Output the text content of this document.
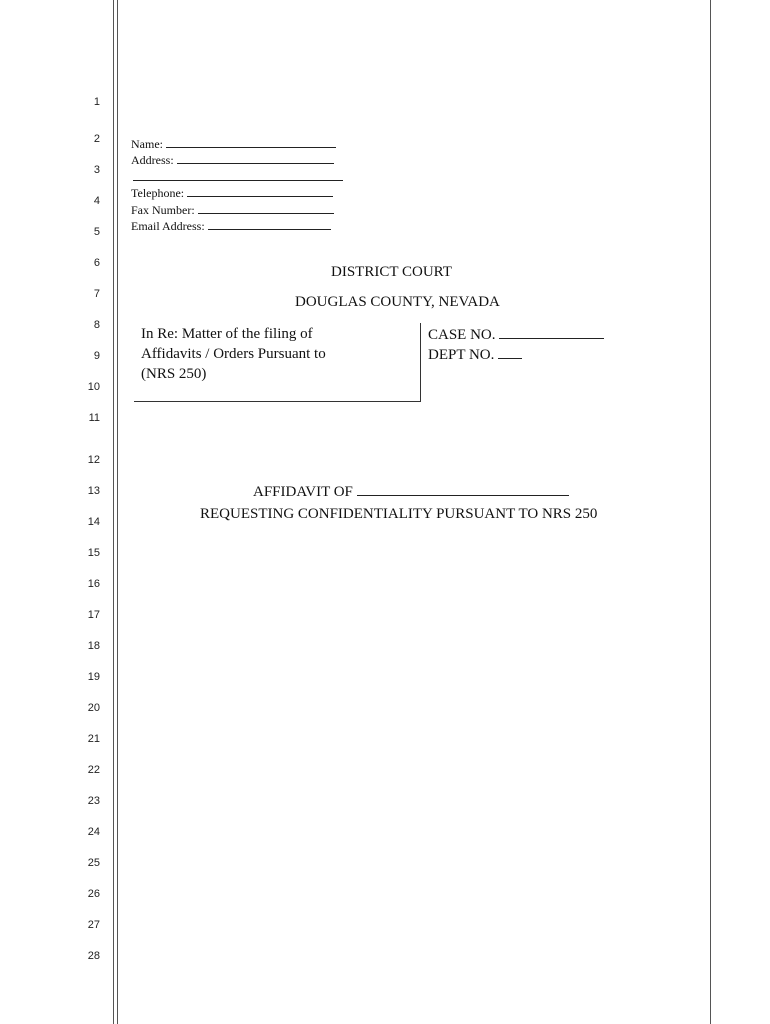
1
2
3
4
5
6
7
8
9
10
11
12
13
14
15
16
17
18
19
20
21
22
23
24
25
26
27
28
Name:
Address:
Telephone:
Fax Number:
Email Address:
DISTRICT COURT
DOUGLAS COUNTY, NEVADA
In Re: Matter of the filing of
Affidavits / Orders Pursuant to
(NRS 250)
CASE NO.
DEPT NO.
AFFIDAVIT OF
REQUESTING CONFIDENTIALITY PURSUANT TO NRS 250
